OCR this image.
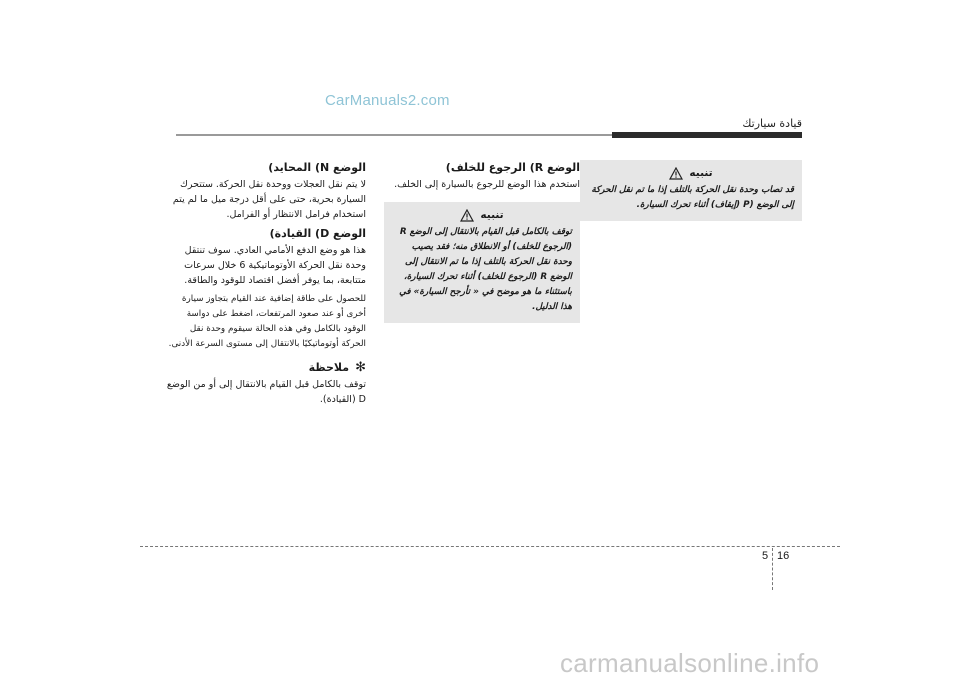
CarManuals2.com
قيادة سيارتك
تنبيه
قد تصاب وحدة نقل الحركة بالتلف إذا ما تم نقل الحركة إلى الوضع (P (إيقاف) أثناء تحرك السيارة.
الوضع R) الرجوع للخلف)

استخدم هذا الوضع للرجوع بالسيارة إلى الخلف.

تنبيه
توقف بالكامل قبل القيام بالانتقال إلى الوضع R (الرجوع للخلف) أو الانطلاق منه؛ فقد يصيب وحدة نقل الحركة بالتلف إذا ما تم الانتقال إلى الوضع R (الرجوع للخلف) أثناء تحرك السيارة، باستثناء ما هو موضح في « تأرجح السيارة» في هذا الدليل.
الوضع N) المحايد)

لا يتم نقل العجلات ووحدة نقل الحركة. ستتحرك السيارة بحرية، حتى على أقل درجة ميل ما لم يتم استخدام فرامل الانتظار أو الفرامل.

الوضع D) القيادة)

هذا هو وضع الدفع الأمامي العادي. سوف تنتقل وحدة نقل الحركة الأوتوماتيكية 6 خلال سرعات متتابعة، بما يوفر أفضل اقتصاد للوقود والطاقة.

للحصول على طاقة إضافية عند القيام بتجاوز سيارة أخرى أو عند صعود المرتفعات، اضغط على دواسة الوقود بالكامل وفي هذه الحالة سيقوم وحدة نقل الحركة أوتوماتيكيًا بالانتقال إلى مستوى السرعة الأدنى.

✻
ملاحظة

توقف بالكامل قبل القيام بالانتقال إلى أو من الوضع D (القيادة).

5 16
carmanualsonline.info
